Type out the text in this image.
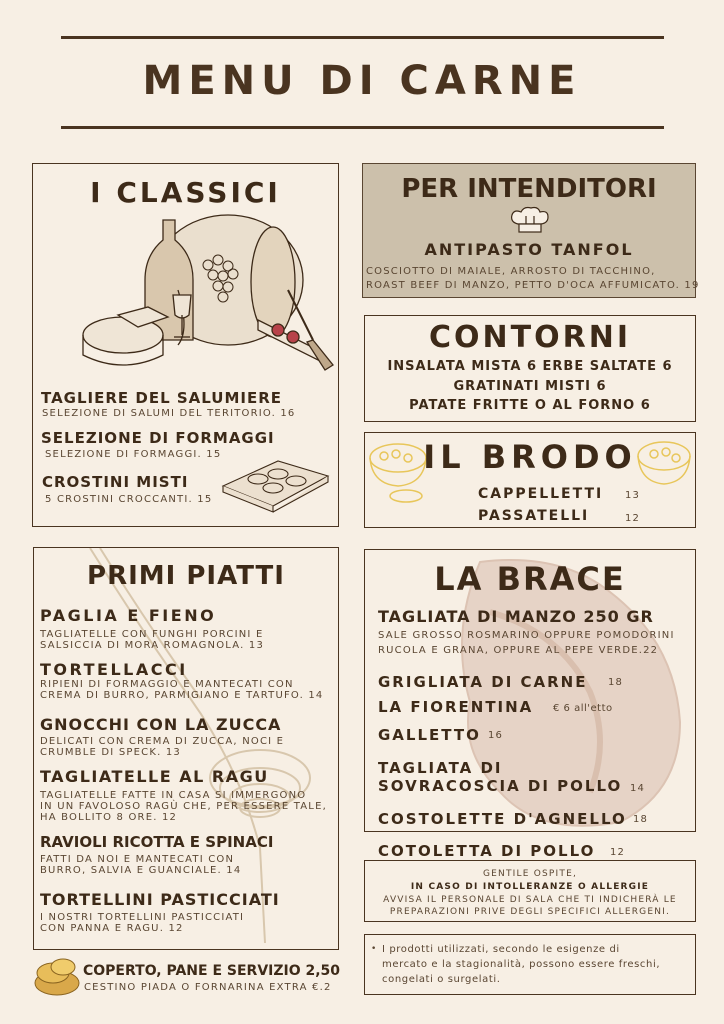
MENU DI CARNE
I CLASSICI
TAGLIERE DEL SALUMIERE
SELEZIONE DI SALUMI DEL TERITORIO. 16
SELEZIONE DI FORMAGGI
SELEZIONE DI FORMAGGI. 15
CROSTINI MISTI
5 CROSTINI CROCCANTI. 15
PER INTENDITORI
ANTIPASTO TANFOL
COSCIOTTO DI MAIALE, ARROSTO DI TACCHINO,
ROAST BEEF DI MANZO, PETTO D'OCA AFFUMICATO. 19
CONTORNI
INSALATA MISTA 6 ERBE SALTATE 6
GRATINATI MISTI 6
PATATE FRITTE O AL FORNO 6
IL BRODO
CAPPELLETTI 13
PASSATELLI	12
PRIMI PIATTI
PAGLIA E FIENO
TAGLIATELLE CON FUNGHI PORCINI E
SALSICCIA DI MORA ROMAGNOLA. 13
TORTELLACCI
RIPIENI DI FORMAGGIO E MANTECATI CON
CREMA DI BURRO, PARMIGIANO E TARTUFO. 14
GNOCCHI CON LA ZUCCA
DELICATI CON CREMA DI ZUCCA, NOCI E
CRUMBLE DI SPECK. 13
TAGLIATELLE AL RAGU
TAGLIATELLE FATTE IN CASA SI IMMERGONO
IN UN FAVOLOSO RAGÙ CHE, PER ESSERE TALE,
HA BOLLITO 8 ORE. 12
RAVIOLI RICOTTA E SPINACI
FATTI DA NOI E MANTECATI CON
BURRO, SALVIA E GUANCIALE. 14
TORTELLINI PASTICCIATI
I NOSTRI TORTELLINI PASTICCIATI
CON PANNA E RAGU. 12
LA BRACE
TAGLIATA DI MANZO 250 GR
SALE GROSSO ROSMARINO OPPURE POMODORINI
RUCOLA E GRANA, OPPURE AL PEPE VERDE.22
GRIGLIATA DI CARNE 18
LA FIORENTINA € 6 all'etto
GALLETTO 16
TAGLIATA DI
SOVRACOSCIA DI POLLO 14
COSTOLETTE D'AGNELLO 18
COTOLETTA DI POLLO 12
GENTILE OSPITE,
IN CASO DI INTOLLERANZE O ALLERGIE
AVVISA IL PERSONALE DI SALA CHE TI INDICHERÀ LE
PREPARAZIONI PRIVE DEGLI SPECIFICI ALLERGENI.
• I prodotti utilizzati, secondo le esigenze di
mercato e la stagionalità, possono essere freschi,
congelati o surgelati.
COPERTO, PANE E SERVIZIO 2,50
CESTINO PIADA O FORNARINA EXTRA €.2
